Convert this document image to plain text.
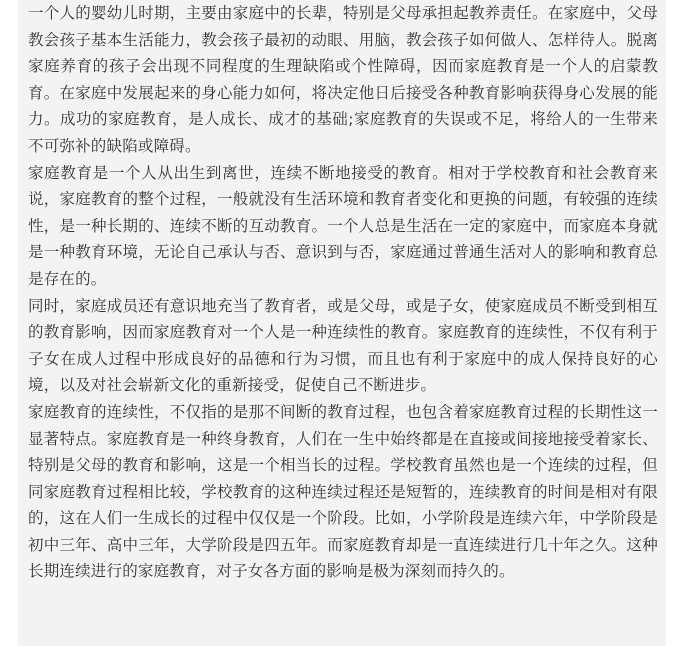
一个人的婴幼儿时期，主要由家庭中的长辈，特别是父母承担起教养责任。在家庭中，父母教会孩子基本生活能力，教会孩子最初的动眼、用脑，教会孩子如何做人、怎样待人。脱离家庭养育的孩子会出现不同程度的生理缺陷或个性障碍，因而家庭教育是一个人的启蒙教育。在家庭中发展起来的身心能力如何，将决定他日后接受各种教育影响获得身心发展的能力。成功的家庭教育，是人成长、成才的基础;家庭教育的失误或不足，将给人的一生带来不可弥补的缺陷或障碍。

家庭教育是一个人从出生到离世，连续不断地接受的教育。相对于学校教育和社会教育来说，家庭教育的整个过程，一般就没有生活环境和教育者变化和更换的问题，有较强的连续性，是一种长期的、连续不断的互动教育。一个人总是生活在一定的家庭中，而家庭本身就是一种教育环境，无论自己承认与否、意识到与否，家庭通过普通生活对人的影响和教育总是存在的。

同时，家庭成员还有意识地充当了教育者，或是父母，或是子女，使家庭成员不断受到相互的教育影响，因而家庭教育对一个人是一种连续性的教育。家庭教育的连续性，不仅有利于子女在成人过程中形成良好的品德和行为习惯，而且也有利于家庭中的成人保持良好的心境，以及对社会崭新文化的重新接受，促使自己不断进步。

家庭教育的连续性，不仅指的是那不间断的教育过程，也包含着家庭教育过程的长期性这一显著特点。家庭教育是一种终身教育，人们在一生中始终都是在直接或间接地接受着家长、特别是父母的教育和影响，这是一个相当长的过程。学校教育虽然也是一个连续的过程，但同家庭教育过程相比较，学校教育的这种连续过程还是短暂的，连续教育的时间是相对有限的，这在人们一生成长的过程中仅仅是一个阶段。比如，小学阶段是连续六年，中学阶段是初中三年、高中三年，大学阶段是四五年。而家庭教育却是一直连续进行几十年之久。这种长期连续进行的家庭教育，对子女各方面的影响是极为深刻而持久的。
